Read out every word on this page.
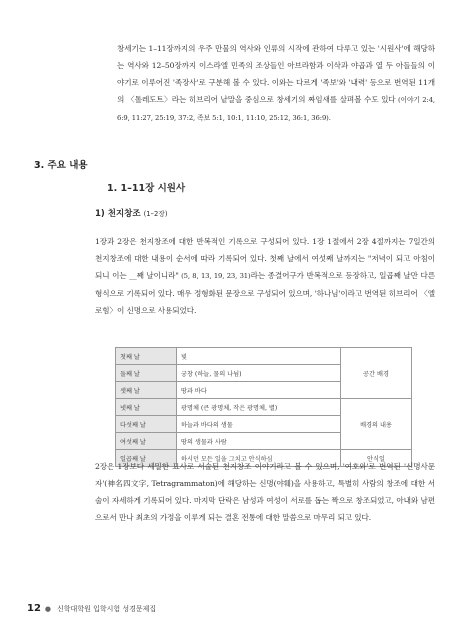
창세기는 1–11장까지의 우주 만물의 역사와 인류의 시작에 관하여 다루고 있는 '시원사'에 해당하는 역사와 12–50장까지 이스라엘 민족의 조상들인 아브라함과 이삭과 야곱과 열 두 아들들의 이야기로 이루어진 '족장사'로 구분해 볼 수 있다. 이와는 다르게 '족보'와 '내력' 등으로 번역된 11개의 〈톨레도트〉라는 히브리어 낱말을 중심으로 창세기의 짜임새를 살펴볼 수도 있다 (이야기 2:4, 6:9, 11:27, 25:19, 37:2, 족보 5:1, 10:1, 11:10, 25:12, 36:1, 36:9).

3. 주요 내용
1. 1–11장 시원사
1) 천지창조 (1–2장)

1장과 2장은 천지창조에 대한 반복적인 기록으로 구성되어 있다. 1장 1절에서 2장 4절까지는 7일간의 천지창조에 대한 내용이 순서에 따라 기록되어 있다. 첫째 날에서 여섯째 날까지는 "저녁이 되고 아침이 되니 이는 __째 날이니라" (5, 8, 13, 19, 23, 31)라는 종결어구가 반복적으로 등장하고, 일곱째 날만 다른 형식으로 기록되어 있다. 매우 정형화된 문장으로 구성되어 있으며, '하나님'이라고 번역된 히브리어 〈엘로힘〉이 신명으로 사용되었다.

첫째 날	빛	공간 배경
둘째 날	궁창 (하늘, 물의 나뉨)	
셋째 날	땅과 바다	
넷째 날	광명체 (큰 광명체, 작은 광명체, 별)	배경의 내용
다섯째 날	하늘과 바다의 생물	
여섯째 날	땅의 생물과 사람	
일곱째 날	하시던 모든 일을 그치고 안식하심	안식일

2장은 1장보다 세밀한 묘사로 서술된 천지창조 이야기라고 볼 수 있으며, '여호와'로 번역된 '신명사문자'(神名四文字, Tetragrammaton)에 해당하는 신명(야훼)을 사용하고, 특별히 사람의 창조에 대한 서술이 자세하게 기록되어 있다. 마지막 단락은 남성과 여성이 서로를 돕는 짝으로 창조되었고, 아내와 남편으로서 만나 최초의 가정을 이루게 되는 결혼 전통에 대한 말씀으로 마무리 되고 있다.

12 ● 신학대학원 입학시험 성경문제집
